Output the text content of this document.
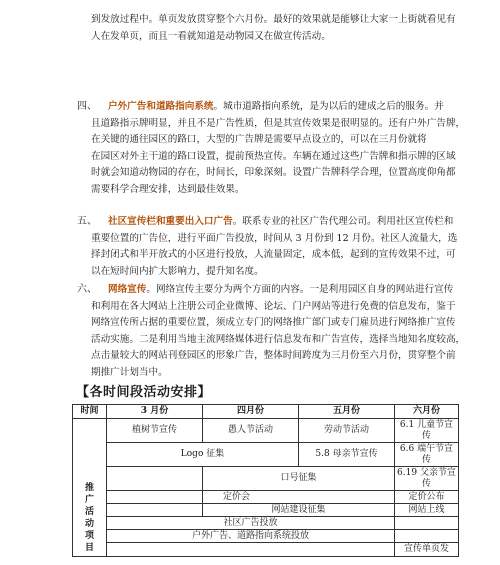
到发放过程中。单页发放贯穿整个六月份。最好的效果就是能够让大家一上街就看见有
人在发单页，而且一看就知道是动物园又在做宣传活动。
四、 户外广告和道路指向系统。城市道路指向系统，是为以后的建成之后的服务。并
且道路指示牌明显，并且不是广告性质，但是其宣传效果是很明显的。还有户外广告牌，
在关键的通往园区的路口，大型的广告牌是需要早点设立的，可以在三月份就将
在园区对外主干道的路口设置，提前预热宣传。车辆在通过这些广告牌和指示牌的区域
时就会知道动物园的存在，时间长，印象深刻。设置广告牌科学合理，位置高度仰角都
需要科学合理安排，达到最佳效果。
五、 社区宣传栏和重要出入口广告。联系专业的社区广告代理公司。利用社区宣传栏和
重要位置的广告位，进行平面广告投放，时间从 3 月份到 12 月份。社区人流量大，选
择封闭式和半开放式的小区进行投放，人流量固定，成本低，起到的宣传效果不过，可
以在短时间内扩大影响力，提升知名度。
六、 网络宣传。网络宣传主要分为两个方面的内容。一是利用园区自身的网站进行宣传
和利用在各大网站上注册公司企业微博、论坛、门户网站等进行免费的信息发布，鉴于
网络宣传所占据的重要位置，须成立专门的网络推广部门或专门雇员进行网络推广宣传
活动实施。二是利用当地主流网络媒体进行信息发布和广告宣传，选择当地知名度较高，
点击量较大的网站刊登园区的形象广告，整体时间跨度为三月份至六月份，贯穿整个前
期推广计划当中。
【各时间段活动安排】
时间	3 月份	四月份	五月份	六月份

推广活动项目	植树节宣传	愚人节活动	劳动节活动	6.1 儿童节宣传
	Logo 征集		5.8 母亲节宣传	6.6 端午节宣传
		口号征集		6.19 父亲节宣传
		定价会		定价公布
		网站建设征集		网站上线
	社区广告投放			
	户外广告、道路指向系统投放			
				宣传单页发
